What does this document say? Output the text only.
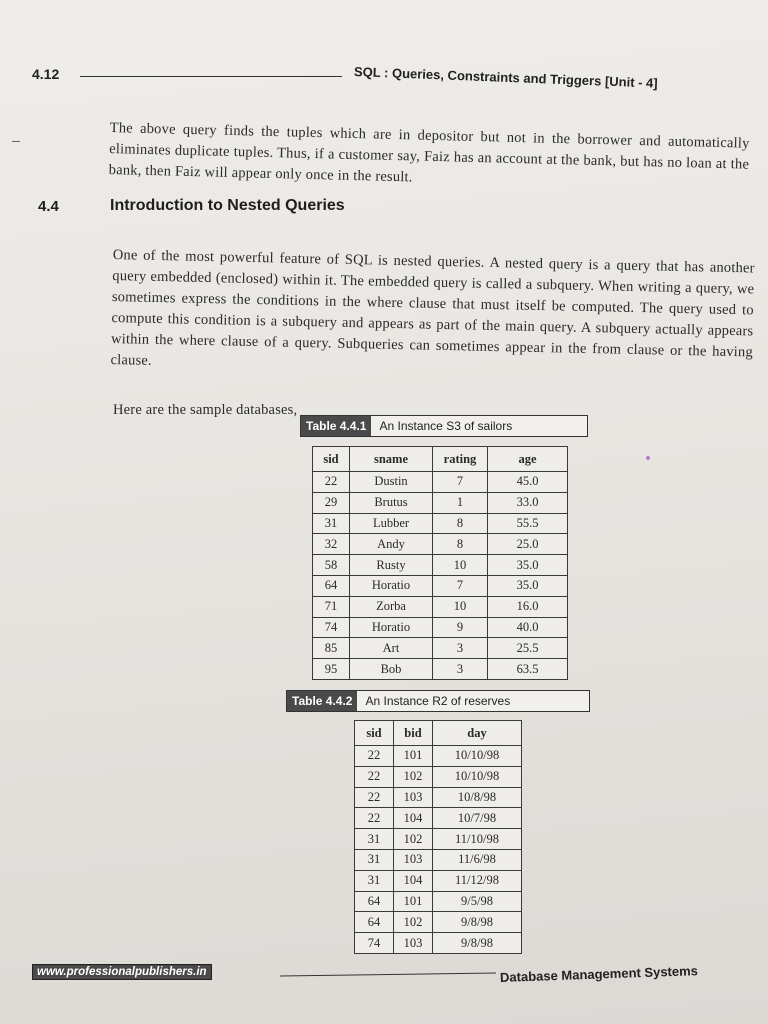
4.12	SQL : Queries, Constraints and Triggers [Unit - 4]

The above query finds the tuples which are in depositor but not in the borrower and automatically eliminates duplicate tuples. Thus, if a customer say, Faiz has an account at the bank, but has no loan at the bank, then Faiz will appear only once in the result.

4.4	Introduction to Nested Queries

One of the most powerful feature of SQL is nested queries. A nested query is a query that has another query embedded (enclosed) within it. The embedded query is called a subquery. When writing a query, we sometimes express the conditions in the where clause that must itself be computed. The query used to compute this condition is a subquery and appears as part of the main query. A subquery actually appears within the where clause of a query. Subqueries can sometimes appear in the from clause or the having clause.

Here are the sample databases,

Table 4.4.1	An Instance S3 of sailors
sid	sname	rating	age
22	Dustin	7	45.0
29	Brutus	1	33.0
31	Lubber	8	55.5
32	Andy	8	25.0
58	Rusty	10	35.0
64	Horatio	7	35.0
71	Zorba	10	16.0
74	Horatio	9	40.0
85	Art	3	25.5
95	Bob	3	63.5
Table 4.4.2	An Instance R2 of reserves
sid	bid	day
22	101	10/10/98
22	102	10/10/98
22	103	10/8/98
22	104	10/7/98
31	102	11/10/98
31	103	11/6/98
31	104	11/12/98
64	101	9/5/98
64	102	9/8/98
74	103	9/8/98
www.professionalpublishers.in	Database Management Systems
